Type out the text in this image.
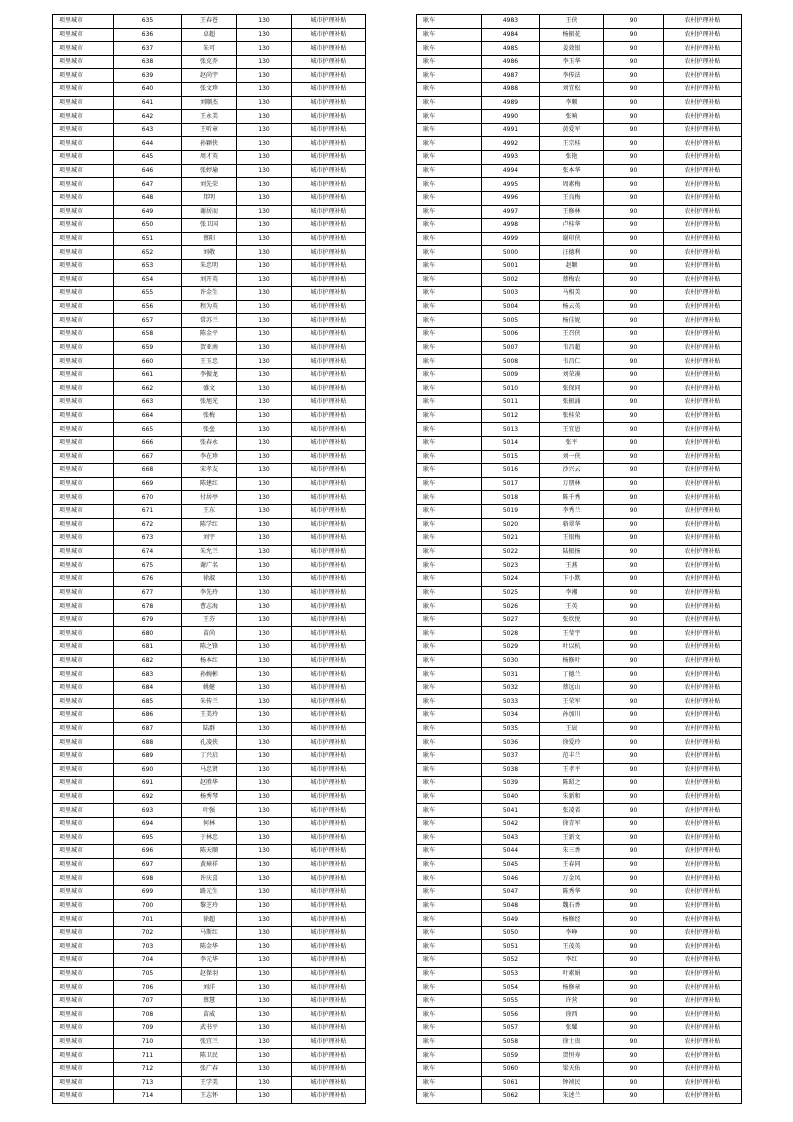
项里城市	635	王春苍	130	城市护理补贴
项里城市	636	卓超	130	城市护理补贴
项里城市	637	朱可	130	城市护理补贴
项里城市	638	张克乔	130	城市护理补贴
项里城市	639	赵尚宇	130	城市护理补贴
项里城市	640	张文珍	130	城市护理补贴
项里城市	641	刘顺杰	130	城市护理补贴
项里城市	642	王永美	130	城市护理补贴
项里城市	643	王听章	130	城市护理补贴
项里城市	644	孙颖侠	130	城市护理补贴
项里城市	645	周才英	130	城市护理补贴
项里城市	646	张婷瑜	130	城市护理补贴
项里城市	647	刘先荣	130	城市护理补贴
项里城市	648	邦明	130	城市护理补贴
项里城市	649	谢居而	130	城市护理补贴
项里城市	650	张卫国	130	城市护理补贴
项里城市	651	蔡阳	130	城市护理补贴
项里城市	652	刘敬	130	城市护理补贴
项里城市	653	朱忠明	130	城市护理补贴
项里城市	654	刘开英	130	城市护理补贴
项里城市	655	许金生	130	城市护理补贴
项里城市	656	程为英	130	城市护理补贴
项里城市	657	常苏兰	130	城市护理补贴
项里城市	658	陈金平	130	城市护理补贴
项里城市	659	贺亚南	130	城市护理补贴
项里城市	660	王玉忠	130	城市护理补贴
项里城市	661	李振龙	130	城市护理补贴
项里城市	662	盛文	130	城市护理补贴
项里城市	663	张旭光	130	城市护理补贴
项里城市	664	张梅	130	城市护理补贴
项里城市	665	张垒	130	城市护理补贴
项里城市	666	张春永	130	城市护理补贴
项里城市	667	李在珍	130	城市护理补贴
项里城市	668	宋孝友	130	城市护理补贴
项里城市	669	陈建红	130	城市护理补贴
项里城市	670	付居亭	130	城市护理补贴
项里城市	671	王东	130	城市护理补贴
项里城市	672	陈学红	130	城市护理补贴
项里城市	673	刘宇	130	城市护理补贴
项里城市	674	朱允兰	130	城市护理补贴
项里城市	675	谢广名	130	城市护理补贴
项里城市	676	徐淑	130	城市护理补贴
项里城市	677	李先玲	130	城市护理补贴
项里城市	678	曹志海	130	城市护理补贴
项里城市	679	王芬	130	城市护理补贴
项里城市	680	苗尚	130	城市护理补贴
项里城市	681	陈之锋	130	城市护理补贴
项里城市	682	杨本红	130	城市护理补贴
项里城市	683	孙婉彬	130	城市护理补贴
项里城市	684	姚健	130	城市护理补贴
项里城市	685	朱传兰	130	城市护理补贴
项里城市	686	王美玲	130	城市护理补贴
项里城市	687	陆群	130	城市护理补贴
项里城市	688	孔凌侠	130	城市护理补贴
项里城市	689	丁兴启	130	城市护理补贴
项里城市	690	马忠贤	130	城市护理补贴
项里城市	691	赵胜华	130	城市护理补贴
项里城市	692	杨秀琴	130	城市护理补贴
项里城市	693	叶强	130	城市护理补贴
项里城市	694	何林	130	城市护理补贴
项里城市	695	于林忠	130	城市护理补贴
项里城市	696	陈天顺	130	城市护理补贴
项里城市	697	黄璋祥	130	城市护理补贴
项里城市	698	许庆喜	130	城市护理补贴
项里城市	699	路元生	130	城市护理补贴
项里城市	700	黎芝玲	130	城市护理补贴
项里城市	701	徐超	130	城市护理补贴
项里城市	702	马斯红	130	城市护理补贴
项里城市	703	陈金华	130	城市护理补贴
项里城市	704	李元华	130	城市护理补贴
项里城市	705	赵保羽	130	城市护理补贴
项里城市	706	刘洋	130	城市护理补贴
项里城市	707	蔡慧	130	城市护理补贴
项里城市	708	苗威	130	城市护理补贴
项里城市	709	武书平	130	城市护理补贴
项里城市	710	张宜兰	130	城市护理补贴
项里城市	711	陈卫民	130	城市护理补贴
项里城市	712	张广春	130	城市护理补贴
项里城市	713	王学美	130	城市护理补贴
项里城市	714	王志怀	130	城市护理补贴
耿车	4983	王侠	90	农村护理补贴
耿车	4984	杨振花	90	农村护理补贴
耿车	4985	姜效银	90	农村护理补贴
耿车	4986	李玉华	90	农村护理补贴
耿车	4987	李传法	90	农村护理补贴
耿车	4988	刘宜松	90	农村护理补贴
耿车	4989	李顺	90	农村护理补贴
耿车	4990	张响	90	农村护理补贴
耿车	4991	黄爱军	90	农村护理补贴
耿车	4992	王宗桂	90	农村护理补贴
耿车	4993	张艳	90	农村护理补贴
耿车	4994	张本华	90	农村护理补贴
耿车	4995	周素梅	90	农村护理补贴
耿车	4996	王良梅	90	农村护理补贴
耿车	4997	王修林	90	农村护理补贴
耿车	4998	卢桂华	90	农村护理补贴
耿车	4999	谢印侠	90	农村护理补贴
耿车	5000	汪德利	90	农村护理补贴
耿车	5001	赵颖	90	农村护理补贴
耿车	5002	蔡梅农	90	农村护理补贴
耿车	5003	马相美	90	农村护理补贴
耿车	5004	杨云英	90	农村护理补贴
耿车	5005	杨佳妮	90	农村护理补贴
耿车	5006	王召侠	90	农村护理补贴
耿车	5007	韦昌超	90	农村护理补贴
耿车	5008	韦昌仁	90	农村护理补贴
耿车	5009	刘荣凑	90	农村护理补贴
耿车	5010	张保同	90	农村护理补贴
耿车	5011	张振涌	90	农村护理补贴
耿车	5012	张桂荣	90	农村护理补贴
耿车	5013	王宜恩	90	农村护理补贴
耿车	5014	张平	90	农村护理补贴
耿车	5015	刘一侠	90	农村护理补贴
耿车	5016	沙兴云	90	农村护理补贴
耿车	5017	万朋林	90	农村护理补贴
耿车	5018	陈千秀	90	农村护理补贴
耿车	5019	李秀兰	90	农村护理补贴
耿车	5020	骆翠华	90	农村护理补贴
耿车	5021	王银梅	90	农村护理补贴
耿车	5022	陆振扬	90	农村护理补贴
耿车	5023	王燕	90	农村护理补贴
耿车	5024	卞小默	90	农村护理补贴
耿车	5025	李湘	90	农村护理补贴
耿车	5026	王英	90	农村护理补贴
耿车	5027	张炊悦	90	农村护理补贴
耿车	5028	王莹宇	90	农村护理补贴
耿车	5029	叶以杭	90	农村护理补贴
耿车	5030	杨修叶	90	农村护理补贴
耿车	5031	丁德兰	90	农村护理补贴
耿车	5032	蔡远山	90	农村护理补贴
耿车	5033	王荣军	90	农村护理补贴
耿车	5034	孙加川	90	农村护理补贴
耿车	5035	王宸	90	农村护理补贴
耿车	5036	徐爱玲	90	农村护理补贴
耿车	5037	范丰兰	90	农村护理补贴
耿车	5038	王孝平	90	农村护理补贴
耿车	5039	陈昭之	90	农村护理补贴
耿车	5040	朱新和	90	农村护理补贴
耿车	5041	张凌省	90	农村护理补贴
耿车	5042	徐青军	90	农村护理补贴
耿车	5043	王新文	90	农村护理补贴
耿车	5044	朱三香	90	农村护理补贴
耿车	5045	王春同	90	农村护理补贴
耿车	5046	万金凤	90	农村护理补贴
耿车	5047	陈秀华	90	农村护理补贴
耿车	5048	魏石香	90	农村护理补贴
耿车	5049	杨修经	90	农村护理补贴
耿车	5050	李峥	90	农村护理补贴
耿车	5051	王茂英	90	农村护理补贴
耿车	5052	李红	90	农村护理补贴
耿车	5053	叶素娟	90	农村护理补贴
耿车	5054	杨修章	90	农村护理补贴
耿车	5055	许营	90	农村护理补贴
耿车	5056	徐西	90	农村护理补贴
耿车	5057	张耀	90	农村护理补贴
耿车	5058	徐士贵	90	农村护理补贴
耿车	5059	贺恒寿	90	农村护理补贴
耿车	5060	梁天佑	90	农村护理补贴
耿车	5061	钟祯民	90	农村护理补贴
耿车	5062	朱述兰	90	农村护理补贴
